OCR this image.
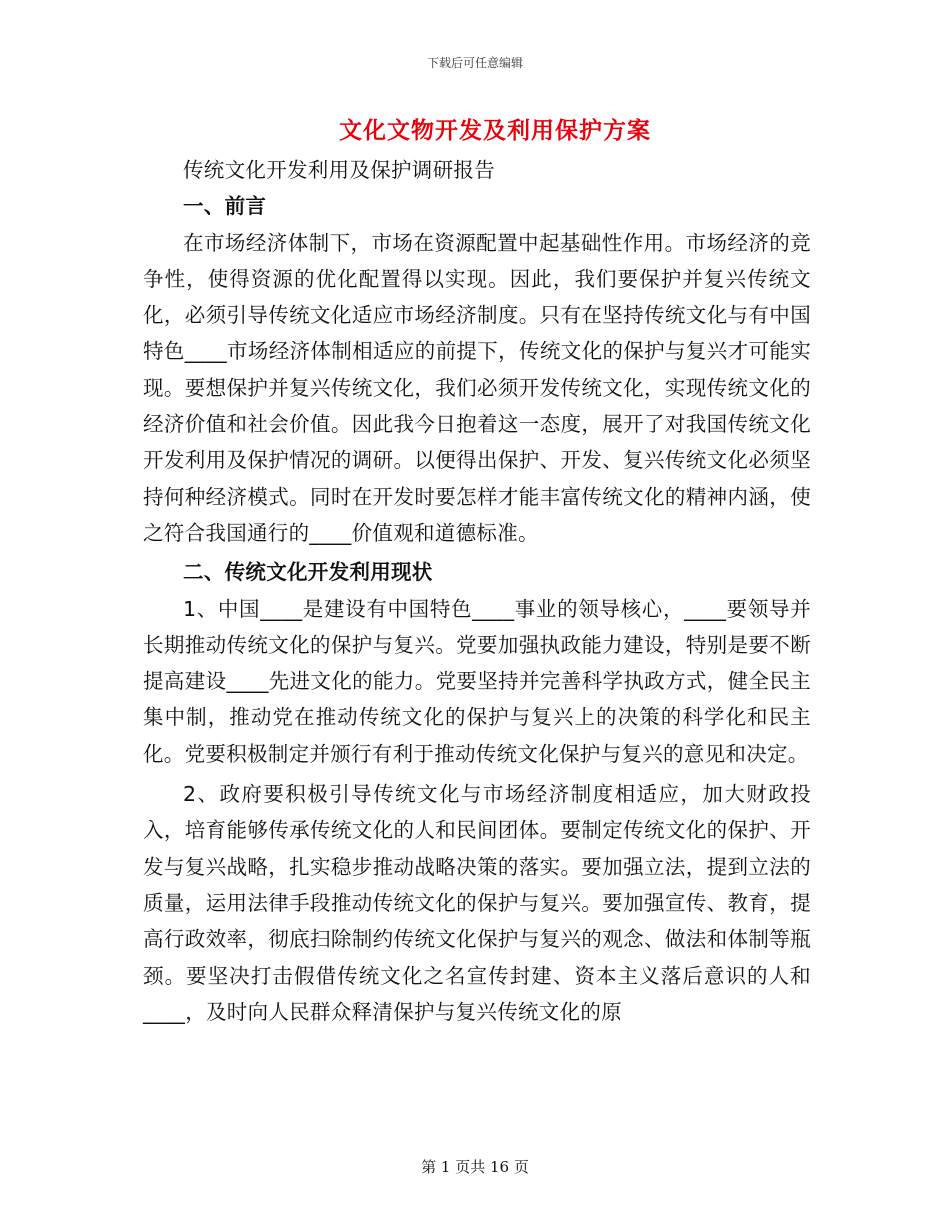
下载后可任意编辑
文化文物开发及利用保护方案

传统文化开发利用及保护调研报告

一、前言

在市场经济体制下，市场在资源配置中起基础性作用。市场经济的竞争性，使得资源的优化配置得以实现。因此，我们要保护并复兴传统文化，必须引导传统文化适应市场经济制度。只有在坚持传统文化与有中国特色____市场经济体制相适应的前提下，传统文化的保护与复兴才可能实现。要想保护并复兴传统文化，我们必须开发传统文化，实现传统文化的经济价值和社会价值。因此我今日抱着这一态度，展开了对我国传统文化开发利用及保护情况的调研。以便得出保护、开发、复兴传统文化必须坚持何种经济模式。同时在开发时要怎样才能丰富传统文化的精神内涵，使之符合我国通行的____价值观和道德标准。

二、传统文化开发利用现状

1、中国____是建设有中国特色____事业的领导核心，____要领导并长期推动传统文化的保护与复兴。党要加强执政能力建设，特别是要不断提高建设____先进文化的能力。党要坚持并完善科学执政方式，健全民主集中制，推动党在推动传统文化的保护与复兴上的决策的科学化和民主化。党要积极制定并颁行有利于推动传统文化保护与复兴的意见和决定。

2、政府要积极引导传统文化与市场经济制度相适应，加大财政投入，培育能够传承传统文化的人和民间团体。要制定传统文化的保护、开发与复兴战略，扎实稳步推动战略决策的落实。要加强立法，提到立法的质量，运用法律手段推动传统文化的保护与复兴。要加强宣传、教育，提高行政效率，彻底扫除制约传统文化保护与复兴的观念、做法和体制等瓶颈。要坚决打击假借传统文化之名宣传封建、资本主义落后意识的人和____，及时向人民群众释清保护与复兴传统文化的原

第 1 页共 16 页
